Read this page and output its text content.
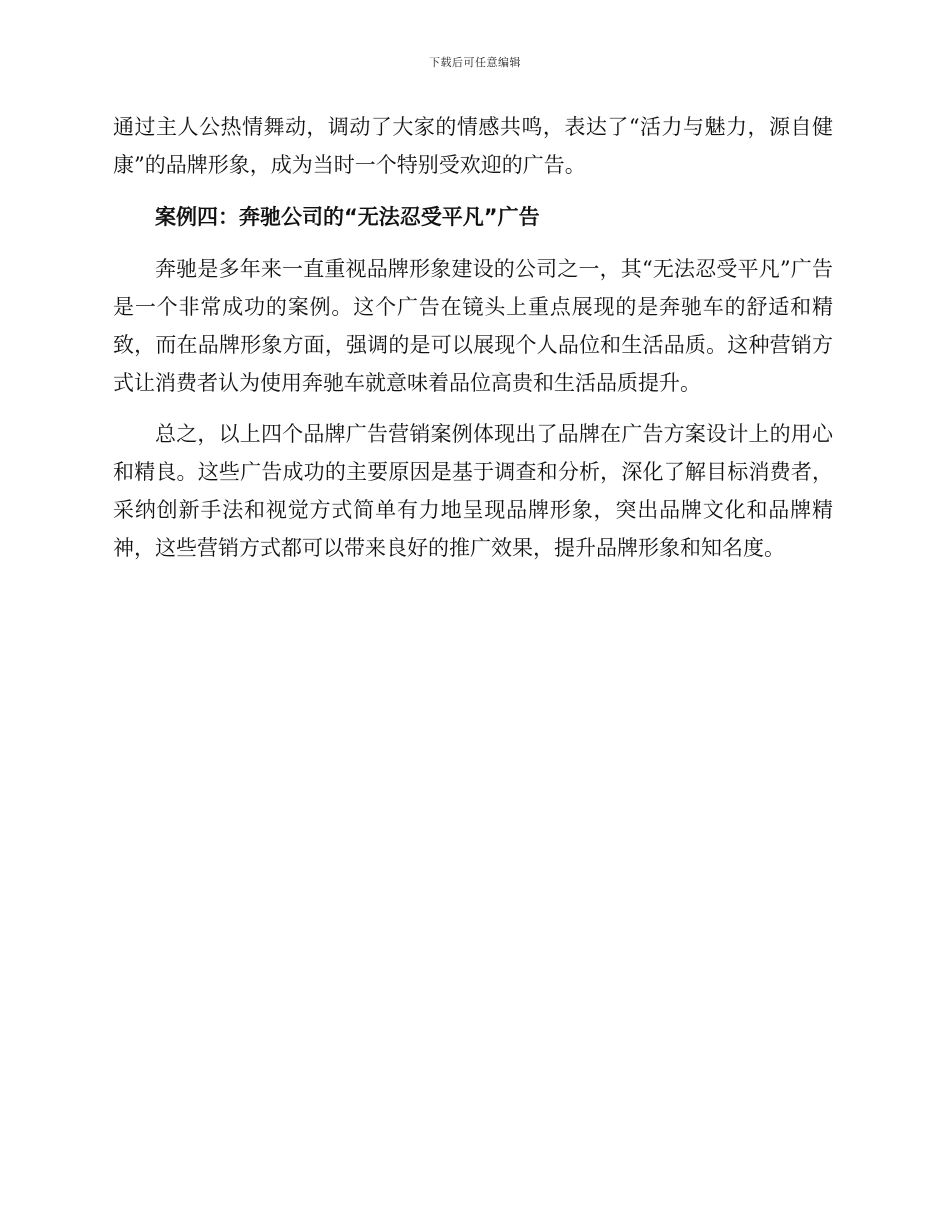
下载后可任意编辑

通过主人公热情舞动，调动了大家的情感共鸣，表达了“活力与魅力，源自健康”的品牌形象，成为当时一个特别受欢迎的广告。

案例四：奔驰公司的“无法忍受平凡”广告

奔驰是多年来一直重视品牌形象建设的公司之一，其“无法忍受平凡”广告是一个非常成功的案例。这个广告在镜头上重点展现的是奔驰车的舒适和精致，而在品牌形象方面，强调的是可以展现个人品位和生活品质。这种营销方式让消费者认为使用奔驰车就意味着品位高贵和生活品质提升。

总之，以上四个品牌广告营销案例体现出了品牌在广告方案设计上的用心和精良。这些广告成功的主要原因是基于调查和分析，深化了解目标消费者，采纳创新手法和视觉方式简单有力地呈现品牌形象，突出品牌文化和品牌精神，这些营销方式都可以带来良好的推广效果，提升品牌形象和知名度。
